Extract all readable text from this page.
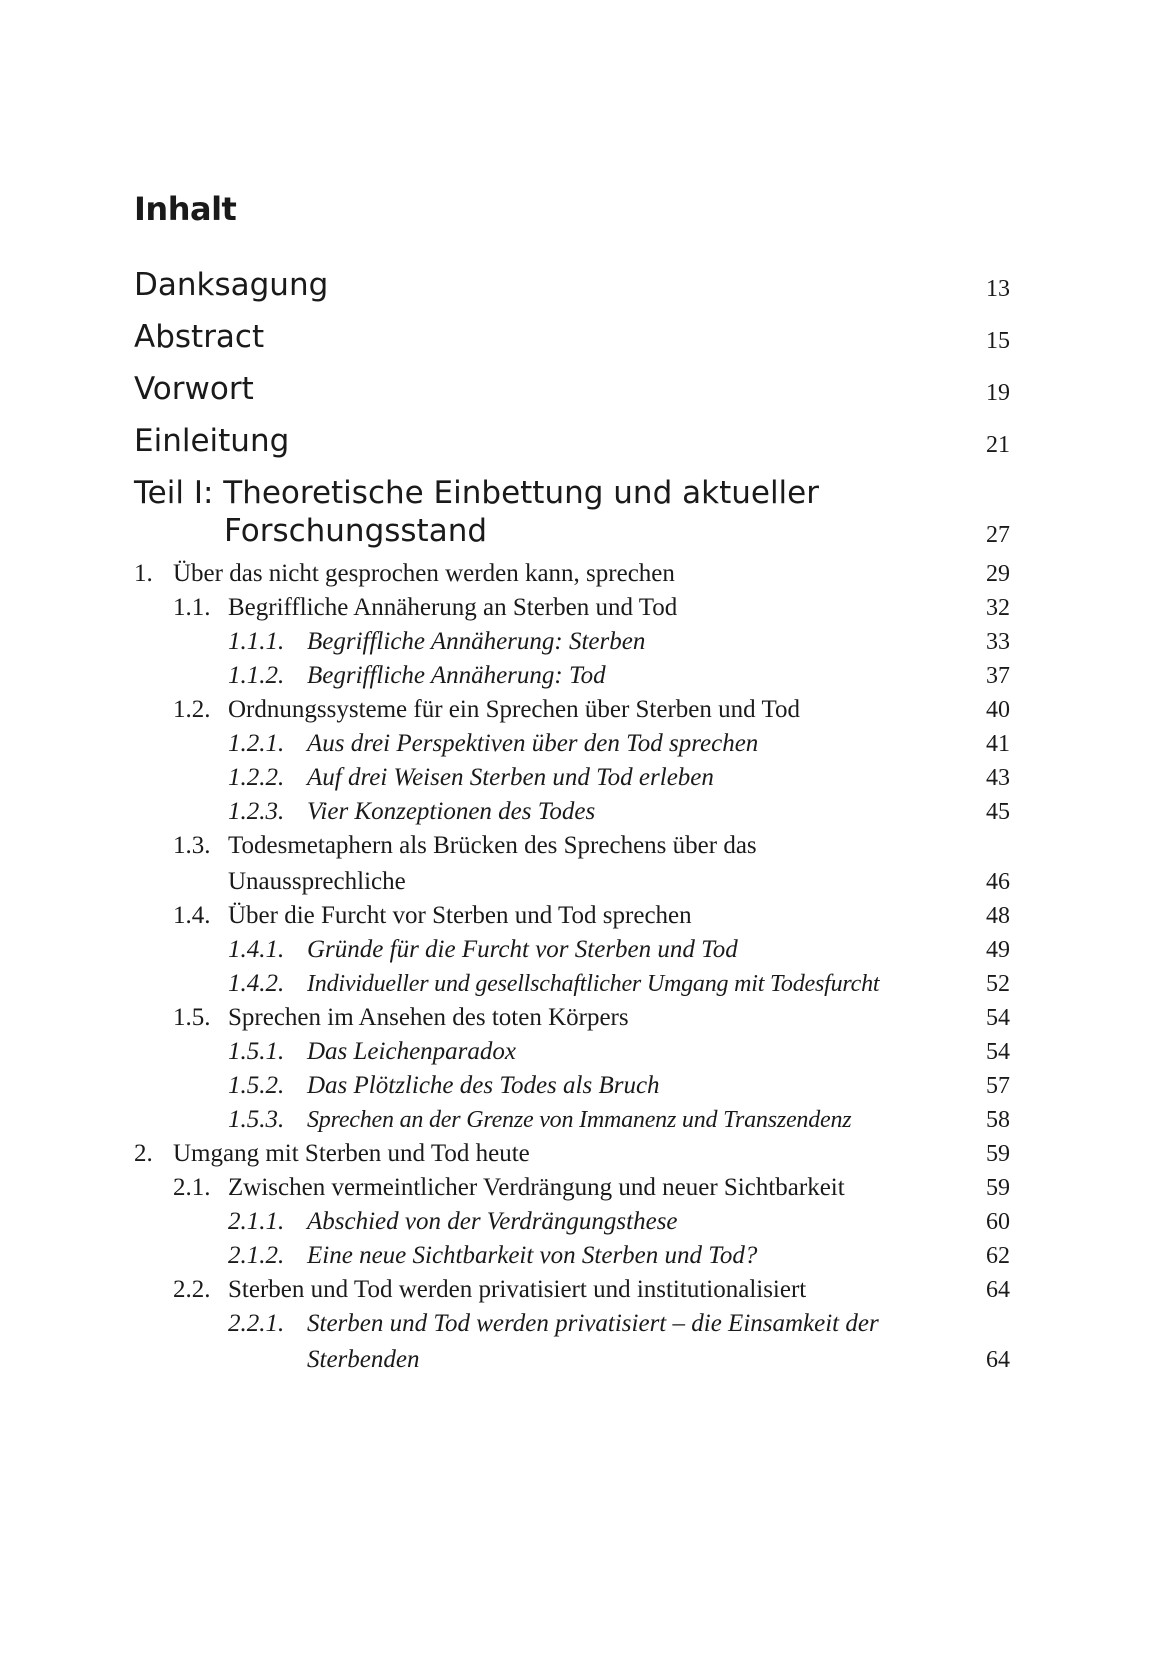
Inhalt
Danksagung	13
Abstract	15
Vorwort	19
Einleitung	21
Teil I: Theoretische Einbettung und aktueller
Forschungsstand	27
1. Über das nicht gesprochen werden kann, sprechen	29
1.1. Begriffliche Annäherung an Sterben und Tod	32
1.1.1. Begriffliche Annäherung: Sterben	33
1.1.2. Begriffliche Annäherung: Tod	37
1.2. Ordnungssysteme für ein Sprechen über Sterben und Tod	40
1.2.1. Aus drei Perspektiven über den Tod sprechen	41
1.2.2. Auf drei Weisen Sterben und Tod erleben	43
1.2.3. Vier Konzeptionen des Todes	45
1.3. Todesmetaphern als Brücken des Sprechens über das Unaussprechliche	46
1.4. Über die Furcht vor Sterben und Tod sprechen	48
1.4.1. Gründe für die Furcht vor Sterben und Tod	49
1.4.2. Individueller und gesellschaftlicher Umgang mit Todesfurcht	52
1.5. Sprechen im Ansehen des toten Körpers	54
1.5.1. Das Leichenparadox	54
1.5.2. Das Plötzliche des Todes als Bruch	57
1.5.3. Sprechen an der Grenze von Immanenz und Transzendenz	58
2. Umgang mit Sterben und Tod heute	59
2.1. Zwischen vermeintlicher Verdrängung und neuer Sichtbarkeit	59
2.1.1. Abschied von der Verdrängungsthese	60
2.1.2. Eine neue Sichtbarkeit von Sterben und Tod?	62
2.2. Sterben und Tod werden privatisiert und institutionalisiert	64
2.2.1. Sterben und Tod werden privatisiert – die Einsamkeit der Sterbenden	64
